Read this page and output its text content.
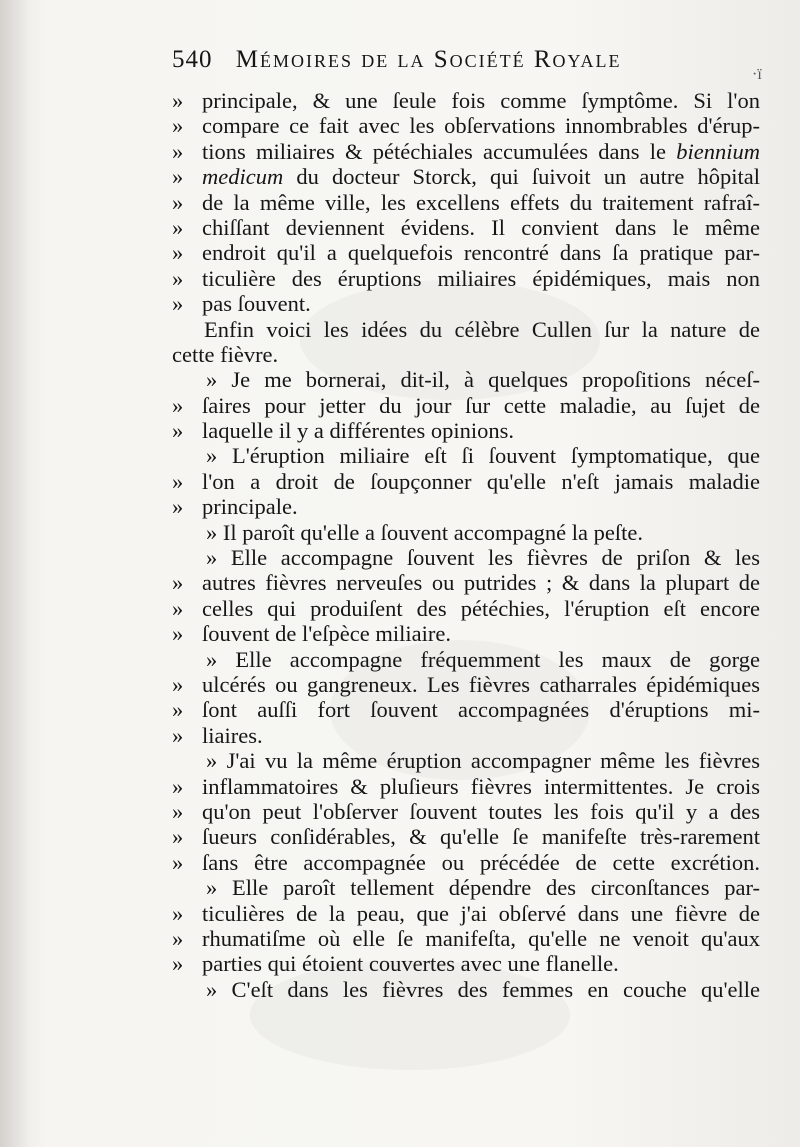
540 Mémoires de la Société Royale
·ï
» principale, & une ſeule fois comme ſymptôme. Si l'on
» compare ce fait avec les obſervations innombrables d'érup-
» tions miliaires & pétéchiales accumulées dans le biennium
» medicum du docteur Storck, qui ſuivoit un autre hôpital
» de la même ville, les excellens effets du traitement rafraî-
» chiſſant deviennent évidens. Il convient dans le même
» endroit qu'il a quelquefois rencontré dans ſa pratique par-
» ticulière des éruptions miliaires épidémiques, mais non
» pas ſouvent.
Enfin voici les idées du célèbre Cullen ſur la nature de
cette fièvre.
» Je me bornerai, dit-il, à quelques propoſitions néceſ-
» ſaires pour jetter du jour ſur cette maladie, au ſujet de
» laquelle il y a différentes opinions.
» L'éruption miliaire eſt ſi ſouvent ſymptomatique, que
» l'on a droit de ſoupçonner qu'elle n'eſt jamais maladie
» principale.
» Il paroît qu'elle a ſouvent accompagné la peſte.
» Elle accompagne ſouvent les fièvres de priſon & les
» autres fièvres nerveuſes ou putrides ; & dans la plupart de
» celles qui produiſent des pétéchies, l'éruption eſt encore
» ſouvent de l'eſpèce miliaire.
» Elle accompagne fréquemment les maux de gorge
» ulcérés ou gangreneux. Les fièvres catharrales épidémiques
» ſont auſſi fort ſouvent accompagnées d'éruptions mi-
» liaires.
» J'ai vu la même éruption accompagner même les fièvres
» inflammatoires & pluſieurs fièvres intermittentes. Je crois
» qu'on peut l'obſerver ſouvent toutes les fois qu'il y a des
» ſueurs conſidérables, & qu'elle ſe manifeſte très-rarement
» ſans être accompagnée ou précédée de cette excrétion.
» Elle paroît tellement dépendre des circonſtances par-
» ticulières de la peau, que j'ai obſervé dans une fièvre de
» rhumatiſme où elle ſe manifeſta, qu'elle ne venoit qu'aux
» parties qui étoient couvertes avec une flanelle.
» C'eſt dans les fièvres des femmes en couche qu'elle
